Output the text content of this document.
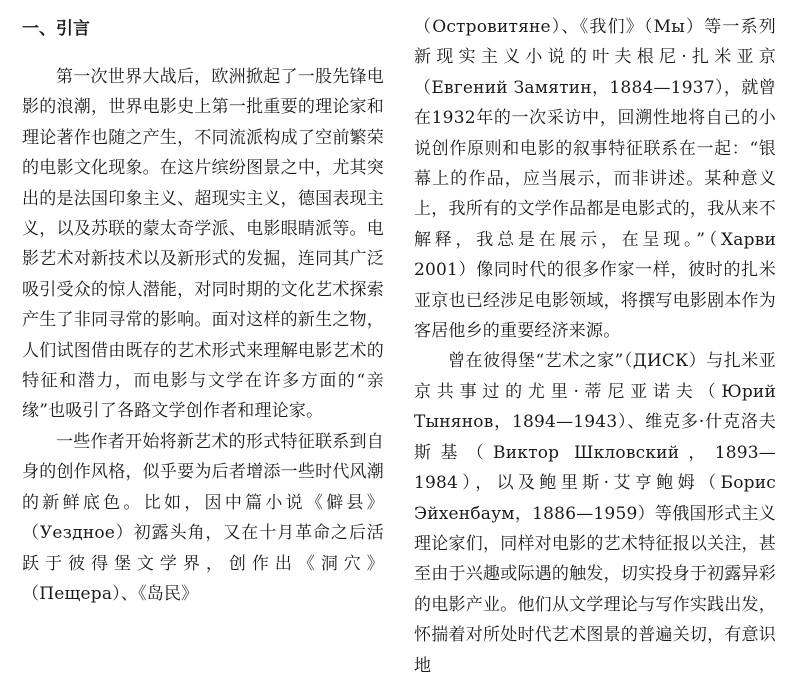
一、引言

第一次世界大战后，欧洲掀起了一股先锋电影的浪潮，世界电影史上第一批重要的理论家和理论著作也随之产生，不同流派构成了空前繁荣的电影文化现象。在这片缤纷图景之中，尤其突出的是法国印象主义、超现实主义，德国表现主义，以及苏联的蒙太奇学派、电影眼睛派等。电影艺术对新技术以及新形式的发掘，连同其广泛吸引受众的惊人潜能，对同时期的文化艺术探索产生了非同寻常的影响。面对这样的新生之物，人们试图借由既存的艺术形式来理解电影艺术的特征和潜力，而电影与文学在许多方面的“亲缘”也吸引了各路文学创作者和理论家。

一些作者开始将新艺术的形式特征联系到自身的创作风格，似乎要为后者增添一些时代风潮的新鲜底色。比如，因中篇小说《僻县》（Уездное）初露头角，又在十月革命之后活跃于彼得堡文学界，创作出《洞穴》（Пещера）、《岛民》

（Островитяне）、《我们》（Мы）等一系列新现实主义小说的叶夫根尼·扎米亚京（Евгений Замятин，1884—1937），就曾在1932年的一次采访中，回溯性地将自己的小说创作原则和电影的叙事特征联系在一起：“银幕上的作品，应当展示，而非讲述。某种意义上，我所有的文学作品都是电影式的，我从来不解释，我总是在展示，在呈现。”（Харви 2001）像同时代的很多作家一样，彼时的扎米亚京也已经涉足电影领域，将撰写电影剧本作为客居他乡的重要经济来源。

曾在彼得堡“艺术之家”（ДИСК）与扎米亚京共事过的尤里·蒂尼亚诺夫（Юрий Тынянов，1894—1943）、维克多·什克洛夫斯基（Виктор Шкловский，1893—1984），以及鲍里斯·艾亨鲍姆（Борис Эйхенбаум，1886—1959）等俄国形式主义理论家们，同样对电影的艺术特征报以关注，甚至由于兴趣或际遇的触发，切实投身于初露异彩的电影产业。他们从文学理论与写作实践出发，怀揣着对所处时代艺术图景的普遍关切，有意识地
